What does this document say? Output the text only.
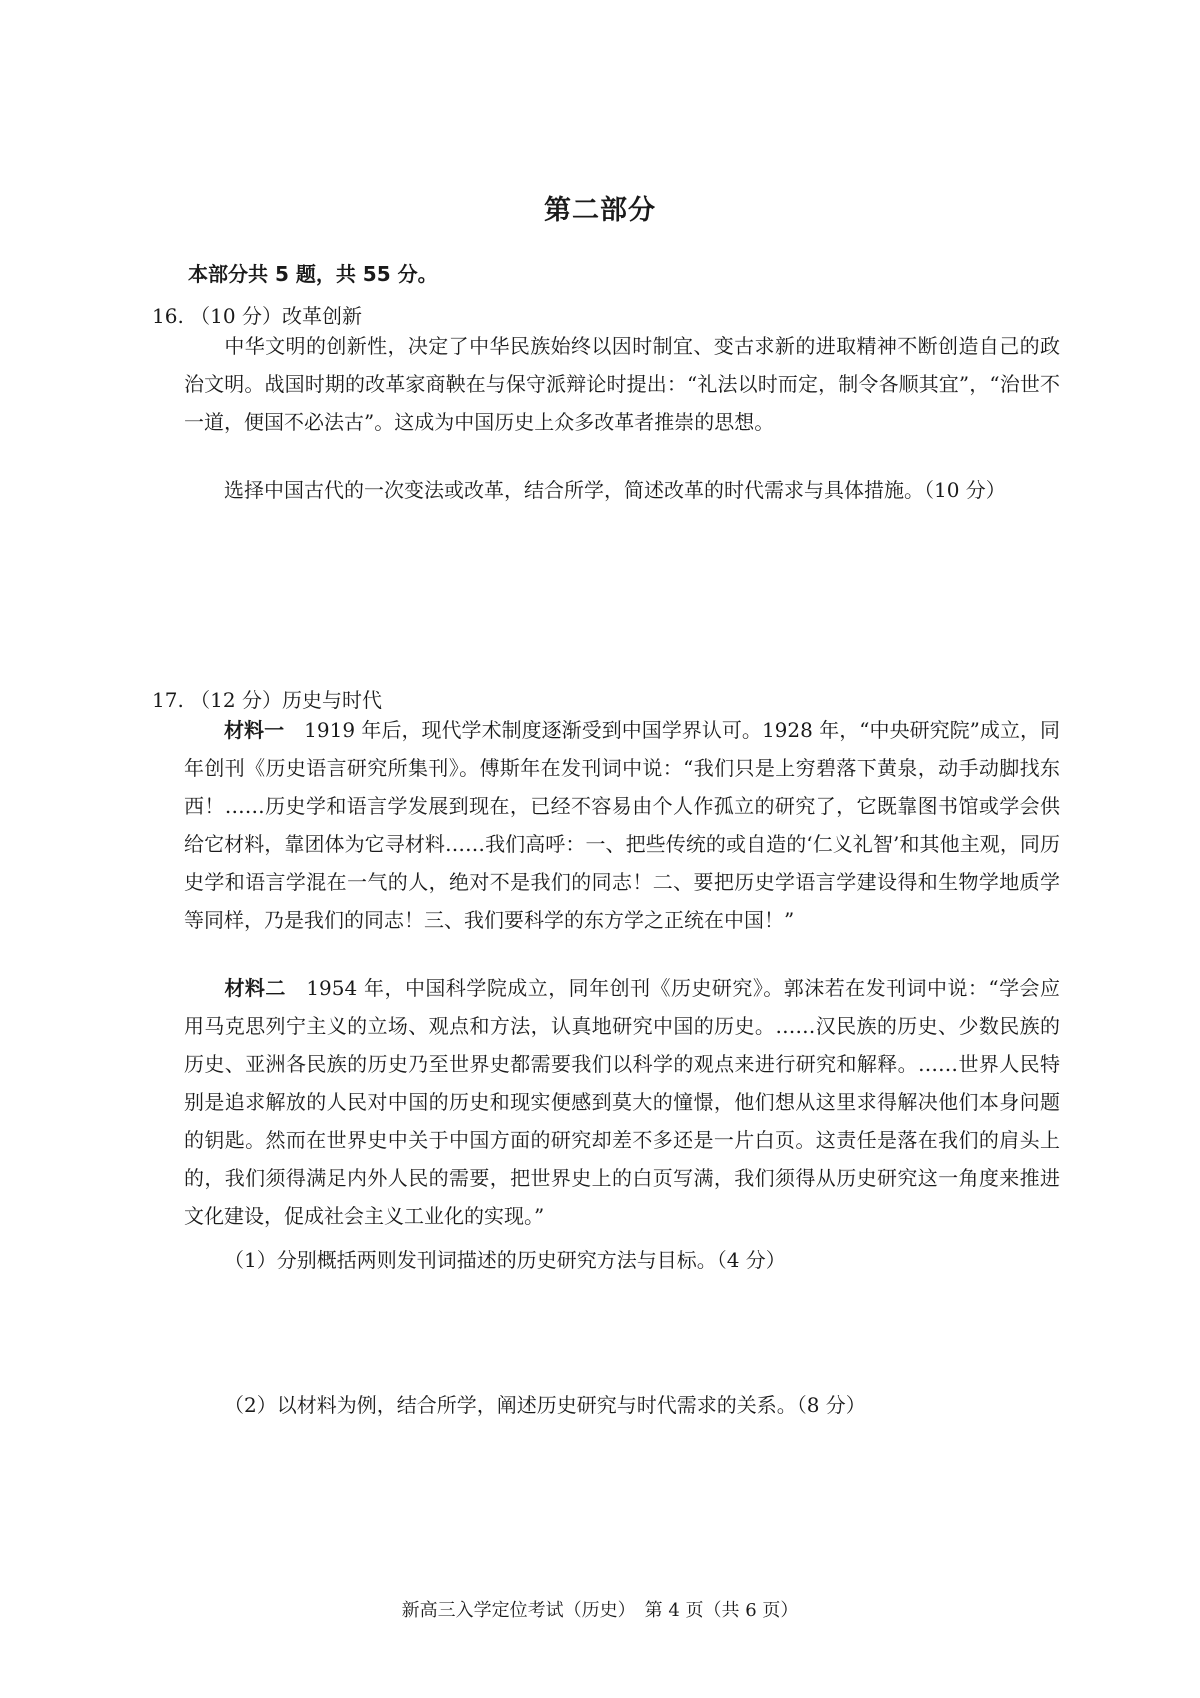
第二部分
本部分共 5 题，共 55 分。
16. （10 分）改革创新
中华文明的创新性，决定了中华民族始终以因时制宜、变古求新的进取精神不断创造自己的政治文明。战国时期的改革家商鞅在与保守派辩论时提出：“礼法以时而定，制令各顺其宜”，“治世不一道，便国不必法古”。这成为中国历史上众多改革者推崇的思想。
选择中国古代的一次变法或改革，结合所学，简述改革的时代需求与具体措施。（10 分）
17. （12 分）历史与时代
材料一　 1919 年后，现代学术制度逐渐受到中国学界认可。1928 年，“中央研究院”成立，同年创刊《历史语言研究所集刊》。傅斯年在发刊词中说：“我们只是上穷碧落下黄泉，动手动脚找东西！……历史学和语言学发展到现在，已经不容易由个人作孤立的研究了，它既靠图书馆或学会供给它材料，靠团体为它寻材料……我们高呼：一、把些传统的或自造的‘仁义礼智’和其他主观，同历史学和语言学混在一气的人，绝对不是我们的同志！二、要把历史学语言学建设得和生物学地质学等同样，乃是我们的同志！三、我们要科学的东方学之正统在中国！”
材料二　 1954 年，中国科学院成立，同年创刊《历史研究》。郭沫若在发刊词中说：“学会应用马克思列宁主义的立场、观点和方法，认真地研究中国的历史。……汉民族的历史、少数民族的历史、亚洲各民族的历史乃至世界史都需要我们以科学的观点来进行研究和解释。……世界人民特别是追求解放的人民对中国的历史和现实便感到莫大的憧憬，他们想从这里求得解决他们本身问题的钥匙。然而在世界史中关于中国方面的研究却差不多还是一片白页。这责任是落在我们的肩头上的，我们须得满足内外人民的需要，把世界史上的白页写满，我们须得从历史研究这一角度来推进文化建设，促成社会主义工业化的实现。”
（1）分别概括两则发刊词描述的历史研究方法与目标。（4 分）
（2）以材料为例，结合所学，阐述历史研究与时代需求的关系。（8 分）
新高三入学定位考试（历史）　第 4 页（共 6 页）
